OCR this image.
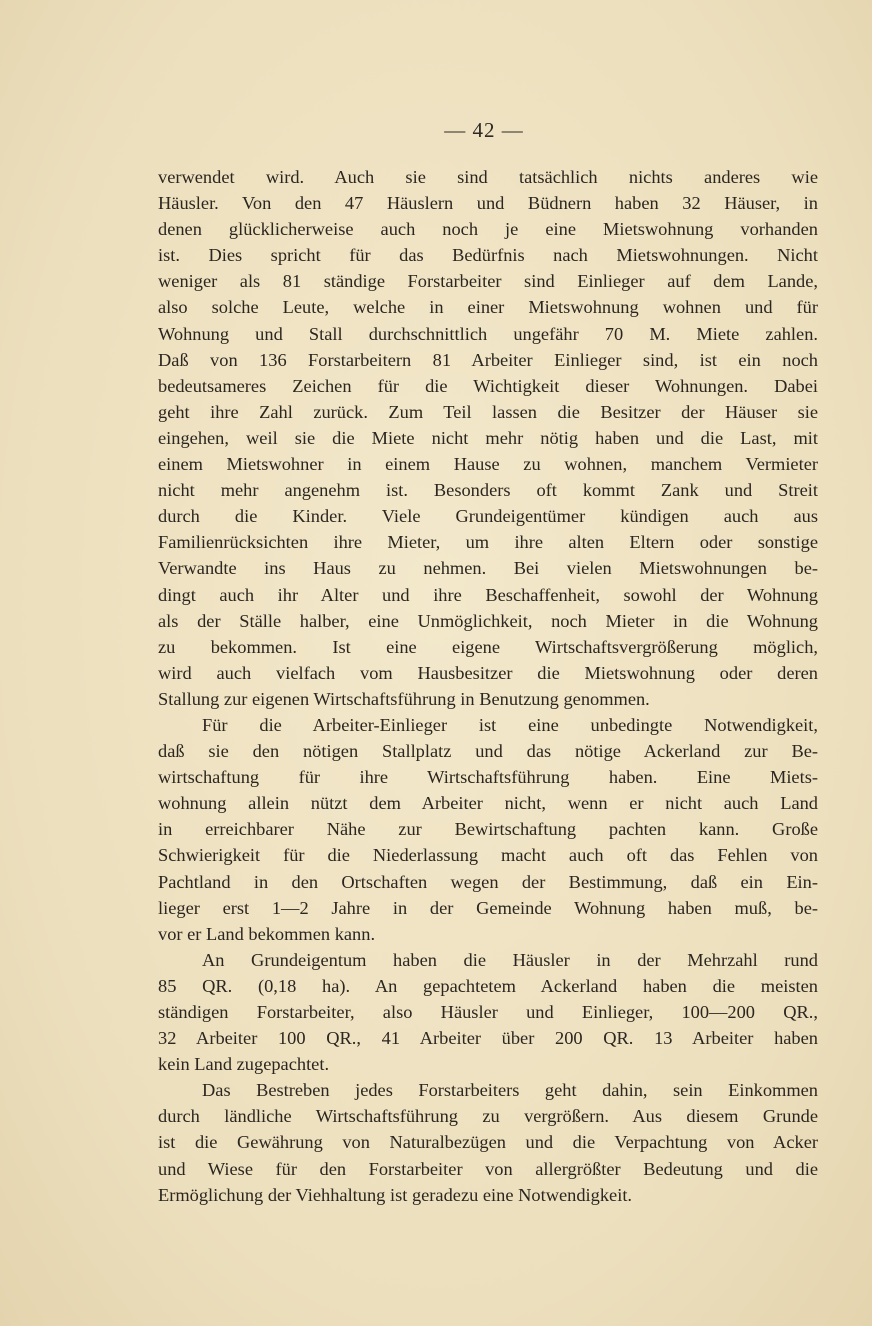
— 42 —
verwendet wird. Auch sie sind tatsächlich nichts anderes wie
Häusler. Von den 47 Häuslern und Büdnern haben 32 Häuser, in
denen glücklicherweise auch noch je eine Mietswohnung vorhanden
ist. Dies spricht für das Bedürfnis nach Mietswohnungen. Nicht
weniger als 81 ständige Forstarbeiter sind Einlieger auf dem Lande,
also solche Leute, welche in einer Mietswohnung wohnen und für
Wohnung und Stall durchschnittlich ungefähr 70 M. Miete zahlen.
Daß von 136 Forstarbeitern 81 Arbeiter Einlieger sind, ist ein noch
bedeutsameres Zeichen für die Wichtigkeit dieser Wohnungen. Dabei
geht ihre Zahl zurück. Zum Teil lassen die Besitzer der Häuser sie
eingehen, weil sie die Miete nicht mehr nötig haben und die Last, mit
einem Mietswohner in einem Hause zu wohnen, manchem Vermieter
nicht mehr angenehm ist. Besonders oft kommt Zank und Streit
durch die Kinder. Viele Grundeigentümer kündigen auch aus
Familienrücksichten ihre Mieter, um ihre alten Eltern oder sonstige
Verwandte ins Haus zu nehmen. Bei vielen Mietswohnungen be-
dingt auch ihr Alter und ihre Beschaffenheit, sowohl der Wohnung
als der Ställe halber, eine Unmöglichkeit, noch Mieter in die Wohnung
zu bekommen. Ist eine eigene Wirtschaftsvergrößerung möglich,
wird auch vielfach vom Hausbesitzer die Mietswohnung oder deren
Stallung zur eigenen Wirtschaftsführung in Benutzung genommen.
Für die Arbeiter-Einlieger ist eine unbedingte Notwendigkeit,
daß sie den nötigen Stallplatz und das nötige Ackerland zur Be-
wirtschaftung für ihre Wirtschaftsführung haben. Eine Miets-
wohnung allein nützt dem Arbeiter nicht, wenn er nicht auch Land
in erreichbarer Nähe zur Bewirtschaftung pachten kann. Große
Schwierigkeit für die Niederlassung macht auch oft das Fehlen von
Pachtland in den Ortschaften wegen der Bestimmung, daß ein Ein-
lieger erst 1—2 Jahre in der Gemeinde Wohnung haben muß, be-
vor er Land bekommen kann.
An Grundeigentum haben die Häusler in der Mehrzahl rund
85 QR. (0,18 ha). An gepachtetem Ackerland haben die meisten
ständigen Forstarbeiter, also Häusler und Einlieger, 100—200 QR.,
32 Arbeiter 100 QR., 41 Arbeiter über 200 QR. 13 Arbeiter haben
kein Land zugepachtet.
Das Bestreben jedes Forstarbeiters geht dahin, sein Einkommen
durch ländliche Wirtschaftsführung zu vergrößern. Aus diesem Grunde
ist die Gewährung von Naturalbezügen und die Verpachtung von Acker
und Wiese für den Forstarbeiter von allergrößter Bedeutung und die
Ermöglichung der Viehhaltung ist geradezu eine Notwendigkeit.
